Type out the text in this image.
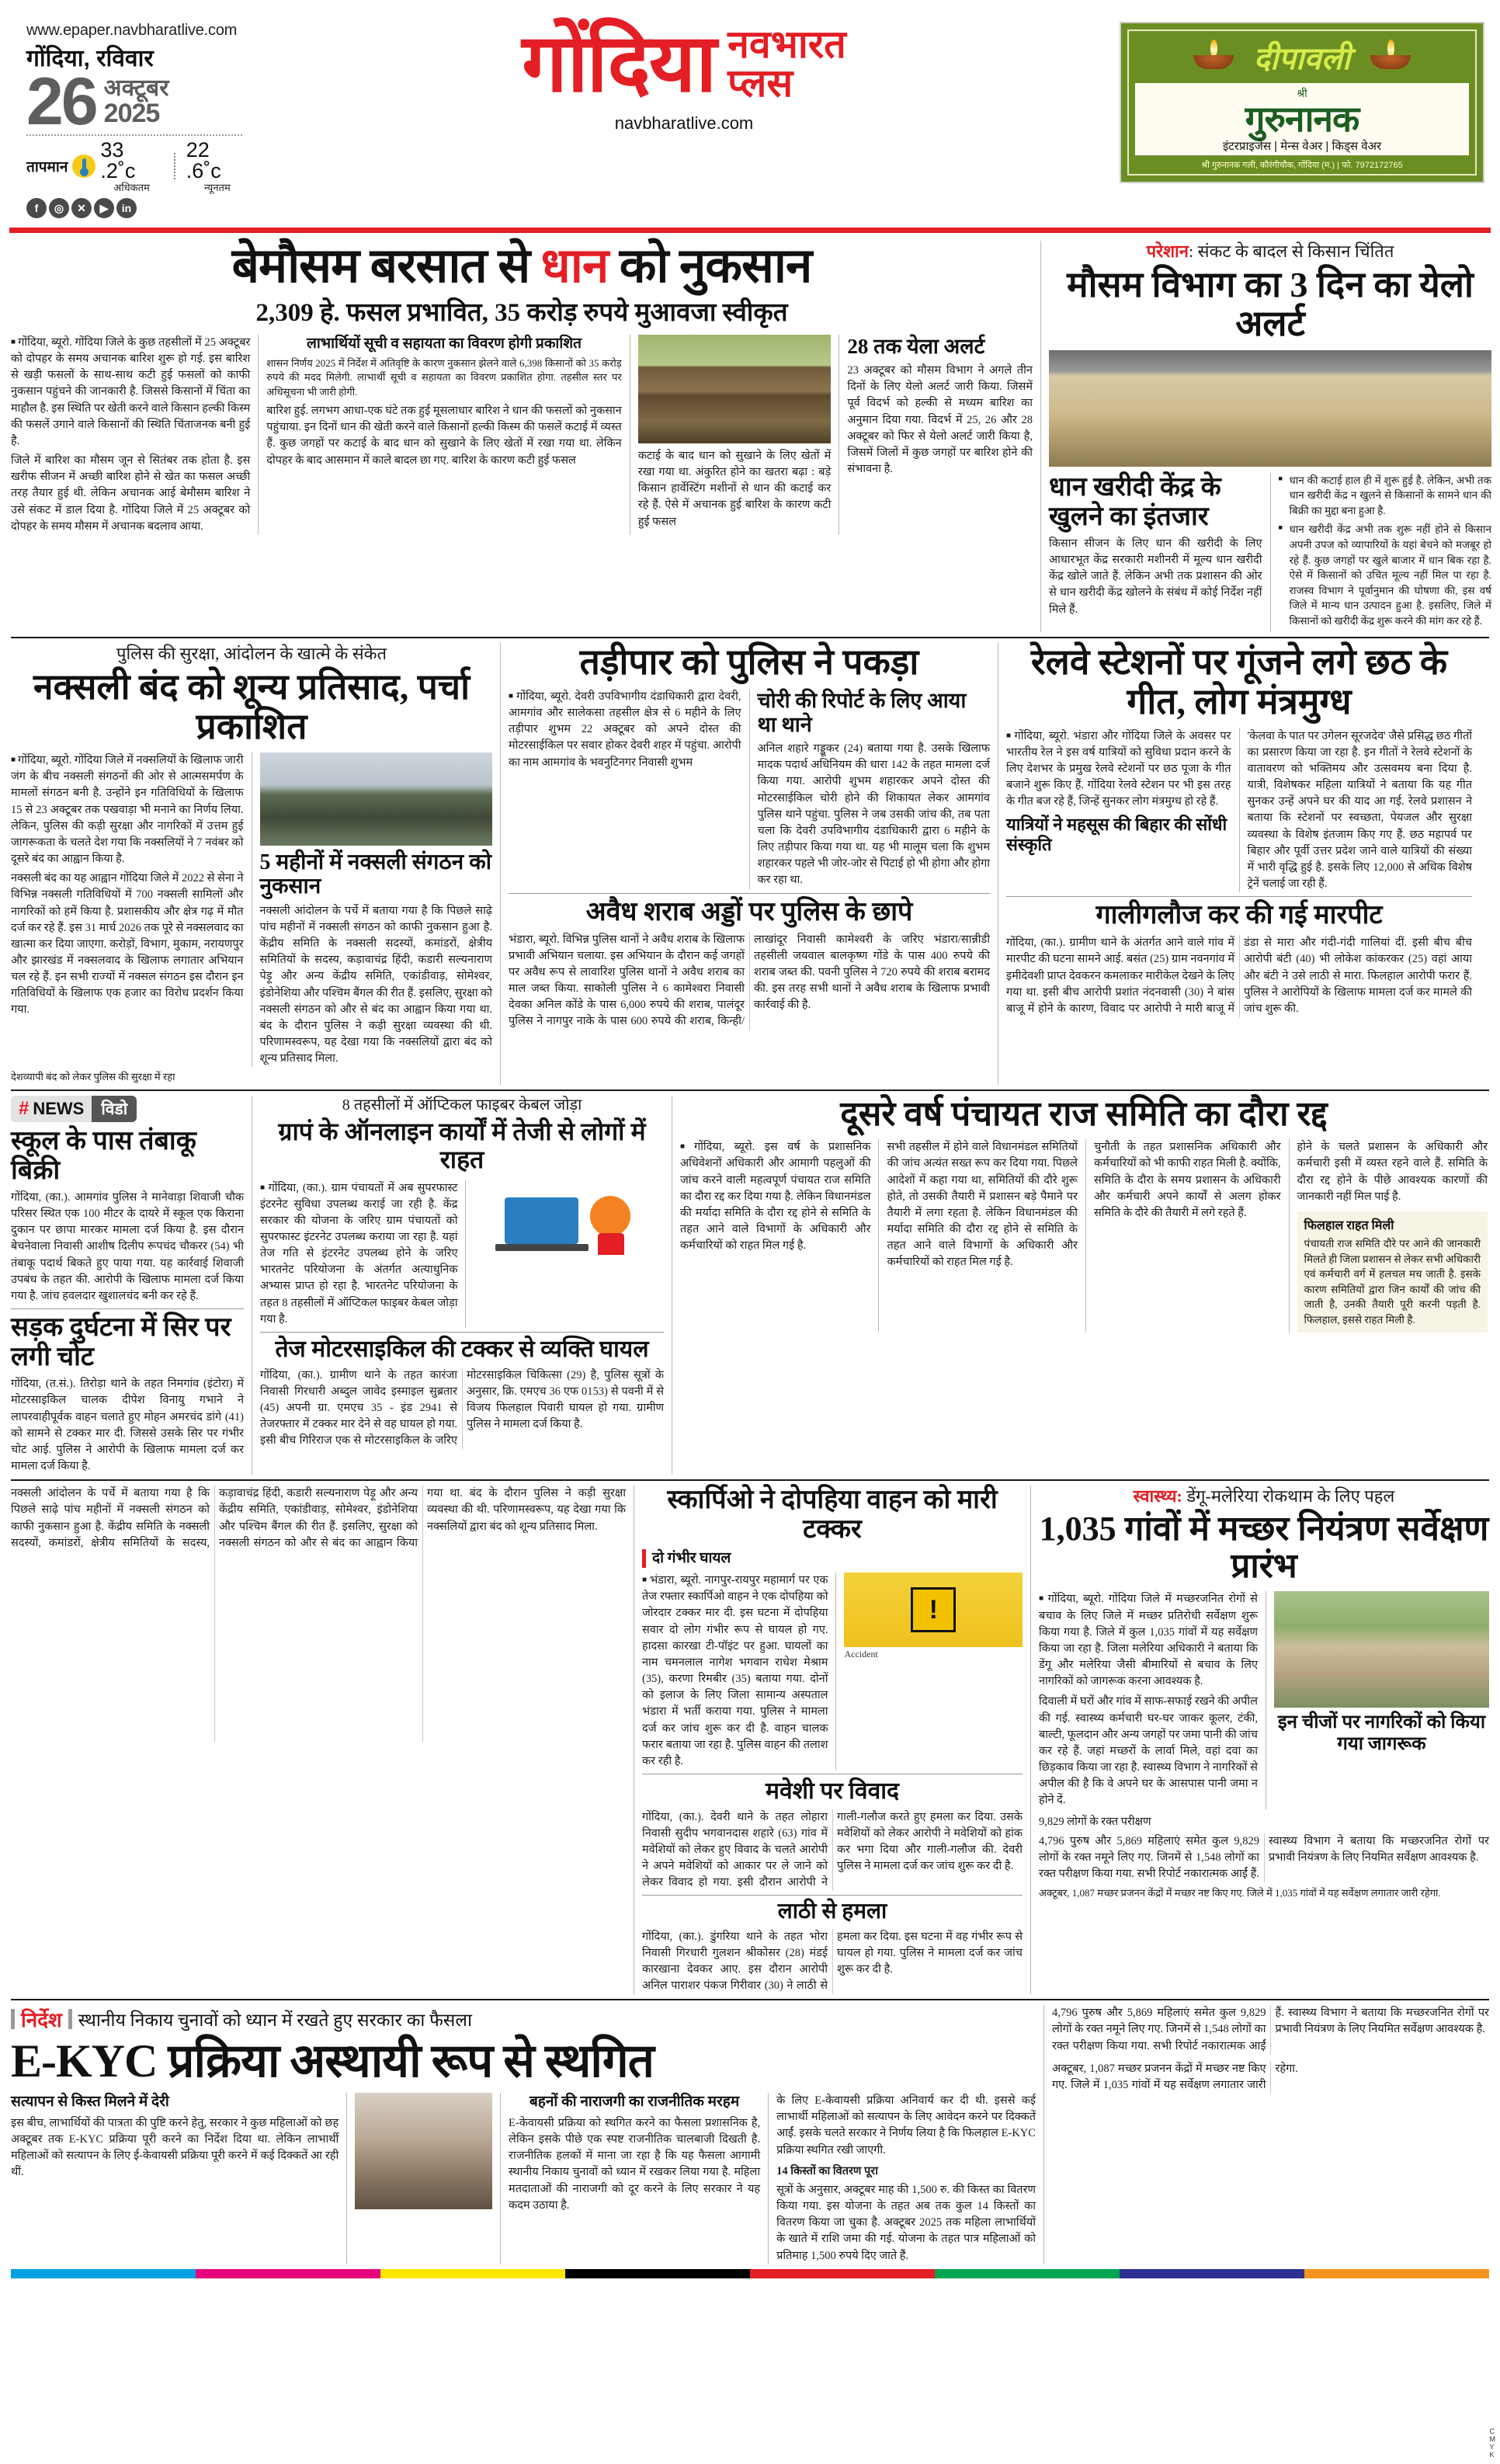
www.epaper.navbharatlive.com
गोंदिया, रविवार
26 अक्टूबर
2025
तापमान
33 .2˚c
अधिकतम
22 .6˚c
न्यूनतम
f	◎	✕	▶	in
गोंदिया नवभारत
प्लस
navbharatlive.com
दीपावली
श्री
गुरुनानक
इंटरप्राइजेस | मेन्स वेअर | किड्स वेअर
श्री गुरुनानक गली, कौरंगीचौक, गोंदिया (म.) | फो. 7972172765
बेमौसम बरसात से धान को नुकसान
2,309 हे. फसल प्रभावित, 35 करोड़ रुपये मुआवजा स्वीकृत
■ गोंदिया, ब्यूरो. गोंदिया जिले के कुछ तहसीलों में 25 अक्टूबर को दोपहर के समय अचानक बारिश शुरू हो गई. इस बारिश से खड़ी फसलों के साथ-साथ कटी हुई फसलों को काफी नुकसान पहुंचने की जानकारी है. जिससे किसानों में चिंता का माहौल है. इस स्थिति पर खेती करने वाले किसान हल्की किस्म की फसलें उगाने वाले किसानों की स्थिति चिंताजनक बनी हुई है.
जिले में बारिश का मौसम जून से सितंबर तक होता है. इस खरीफ सीजन में अच्छी बारिश होने से खेत का फसल अच्छी तरह तैयार हुई थी. लेकिन अचानक आई बेमौसम बारिश ने उसे संकट में डाल दिया है. गोंदिया जिले में 25 अक्टूबर को दोपहर के समय मौसम में अचानक बदलाव आया.
लाभार्थियों सूची व सहायता का विवरण होगी प्रकाशित
शासन निर्णय 2025 में निर्देश में अतिवृष्टि के कारण नुकसान झेलने वाले 6,398 किसानों को 35 करोड़ रुपये की मदद मिलेगी. लाभार्थी सूची व सहायता का विवरण प्रकाशित होगा. तहसील स्तर पर अधिसूचना भी जारी होगी.
बारिश हुई. लगभग आधा-एक घंटे तक हुई मूसलाधार बारिश ने धान की फसलों को नुकसान पहुंचाया. इन दिनों धान की खेती करने वाले किसानों हल्की किस्म की फसलें कटाई में व्यस्त हैं. कुछ जगहों पर कटाई के बाद धान को सुखाने के लिए खेतों में रखा गया था. लेकिन दोपहर के बाद आसमान में काले बादल छा गए. बारिश के कारण कटी हुई फसल	कटाई के बाद धान को सुखाने के लिए खेतों में रखा गया था. अंकुरित होने का खतरा बढ़ा : बड़े किसान हार्वेस्टिंग मशीनों से धान की कटाई कर रहे हैं. ऐसे में अचानक हुई बारिश के कारण कटी हुई फसल
28 तक येला अलर्ट
23 अक्टूबर को मौसम विभाग ने अगले तीन दिनों के लिए येलो अलर्ट जारी किया. जिसमें पूर्व विदर्भ को हल्की से मध्यम बारिश का अनुमान दिया गया. विदर्भ में 25, 26 और 28 अक्टूबर को फिर से येलो अलर्ट जारी किया है, जिसमें जिलों में कुछ जगहों पर बारिश होने की संभावना है.
परेशान: संकट के बादल से किसान चिंतित
मौसम विभाग का 3 दिन का येलो अलर्ट
धान खरीदी केंद्र के खुलने का इंतजार
किसान सीजन के लिए धान की खरीदी के लिए आधारभूत केंद्र सरकारी मशीनरी में मूल्य धान खरीदी केंद्र खोले जाते हैं. लेकिन अभी तक प्रशासन की ओर से धान खरीदी केंद्र खोलने के संबंध में कोई निर्देश नहीं मिले हैं.
■ धान की कटाई हाल ही में शुरू हुई है. लेकिन, अभी तक धान खरीदी केंद्र न खुलने से किसानों के सामने धान की बिक्री का मुद्दा बना हुआ है.
■ धान खरीदी केंद्र अभी तक शुरू नहीं होने से किसान अपनी उपज को व्यापारियों के यहां बेचने को मजबूर हो रहे हैं. कुछ जगहों पर खुले बाजार में धान बिक रहा है. ऐसे में किसानों को उचित मूल्य नहीं मिल पा रहा है. राजस्व विभाग ने पूर्वानुमान की घोषणा की, इस वर्ष जिले में मान्य धान उत्पादन हुआ है. इसलिए, जिले में किसानों को खरीदी केंद्र शुरू करने की मांग कर रहे हैं.
पुलिस की सुरक्षा, आंदोलन के खात्मे के संकेत
नक्सली बंद को शून्य प्रतिसाद, पर्चा प्रकाशित
■ गोंदिया, ब्यूरो. गोंदिया जिले में नक्सलियों के खिलाफ जारी जंग के बीच नक्सली संगठनों की ओर से आत्मसमर्पण के मामलों संगठन बनी है. उन्होंने इन गतिविधियों के खिलाफ 15 से 23 अक्टूबर तक पखवाड़ा भी मनाने का निर्णय लिया. लेकिन, पुलिस की कड़ी सुरक्षा और नागरिकों में उत्तम हुई जागरूकता के चलते देश गया कि नक्सलियों ने 7 नवंबर को दूसरे बंद का आह्वान किया है.
नक्सली बंद का यह आह्वान गोंदिया जिले में 2022 से सेना ने विभिन्न नक्सली गतिविधियों में 700 नक्सली सामिलों और नागरिकों को हमें किया है. प्रशासकीय और क्षेत्र गढ़ में मौत दर्ज कर रहे हैं. इस 31 मार्च 2026 तक पूरे से नक्सलवाद का खात्मा कर दिया जाएगा. करोड़ों, विभाग, मुकाम, नरायणपुर और झारखंड में नक्सलवाद के खिलाफ लगातार अभियान चल रहे हैं. इन सभी राज्यों में नक्सल संगठन इस दौरान इन गतिविधियों के खिलाफ एक हजार का विरोध प्रदर्शन किया गया.
5 महीनों में नक्सली संगठन को नुकसान
नक्सली आंदोलन के पर्चे में बताया गया है कि पिछले साढ़े पांच महीनों में नक्सली संगठन को काफी नुकसान हुआ है. केंद्रीय समिति के नक्सली सदस्यों, कमांडरों, क्षेत्रीय समितियों के सदस्य, कड़ावाचंद्र हिंदी, कडारी सल्यनाराण पेड़ू और अन्य केंद्रीय समिति, एकांडीवाड़, सोमेश्वर, इंडोनेशिया और पश्चिम बैंगल की रीत हैं. इसलिए, सुरक्षा को नक्सली संगठन को और से बंद का आह्वान किया गया था. बंद के दौरान पुलिस ने कड़ी सुरक्षा व्यवस्था की थी. परिणामस्वरूप, यह देखा गया कि नक्सलियों द्वारा बंद को शून्य प्रतिसाद मिला.
देशव्यापी बंद को लेकर पुलिस की सुरक्षा में रहा
तड़ीपार को पुलिस ने पकड़ा
■ गोंदिया, ब्यूरो. देवरी उपविभागीय दंडाधिकारी द्वारा देवरी, आमगांव और सालेकसा तहसील क्षेत्र से 6 महीने के लिए तड़ीपार शुभम 22 अक्टूबर को अपने दोस्त की मोटरसाईकिल पर सवार होकर देवरी शहर में पहुंचा. आरोपी का नाम आमगांव के भवनुटिनगर निवासी शुभम
चोरी की रिपोर्ट के लिए आया था थाने
अनिल शहारे गड्डूकर (24) बताया गया है. उसके खिलाफ मादक पदार्थ अधिनियम की धारा 142 के तहत मामला दर्ज किया गया. आरोपी शुभम शहारकर अपने दोस्त की मोटरसाईकिल चोरी होने की शिकायत लेकर आमगांव पुलिस थाने पहुंचा. पुलिस ने जब उसकी जांच की, तब पता चला कि देवरी उपविभागीय दंडाधिकारी द्वारा 6 महीने के लिए तड़ीपार किया गया था. यह भी मालूम चला कि शुभम शहारकर पहले भी जोर-जोर से पिटाई हो भी होगा और होगा कर रहा था.
अवैध शराब अड्डों पर पुलिस के छापे
भंडारा, ब्यूरो. विभिन्न पुलिस थानों ने अवैध शराब के खिलाफ प्रभावी अभियान चलाया. इस अभियान के दौरान कई जगहों पर अवैध रूप से लावारिश पुलिस थानों ने अवैध शराब का माल जब्त किया. साकोली पुलिस ने 6 कामेश्वरा निवासी देवका अनिल कोंडे के पास 6,000 रुपये की शराब, पालंदूर पुलिस ने नागपुर नाके के पास 600 रुपये की शराब, किन्ही/लाखांदूर निवासी कामेश्वरी के जरिए भंडारा/सान्नीडी तहसीली जयवाल बालकृष्ण गोंडे के पास 400 रुपये की शराब जब्त की. पवनी पुलिस ने 720 रुपये की शराब बरामद की. इस तरह सभी थानों ने अवैध शराब के खिलाफ प्रभावी कार्रवाई की है.
रेलवे स्टेशनों पर गूंजने लगे छठ के गीत, लोग मंत्रमुग्ध
■ गोंदिया, ब्यूरो. भंडारा और गोंदिया जिले के अवसर पर भारतीय रेल ने इस वर्ष यात्रियों को सुविधा प्रदान करने के लिए देशभर के प्रमुख रेलवे स्टेशनों पर छठ पूजा के गीत बजाने शुरू किए हैं. गोंदिया रेलवे स्टेशन पर भी इस तरह के गीत बज रहे हैं, जिन्हें सुनकर लोग मंत्रमुग्ध हो रहे हैं.
यात्रियों ने महसूस की बिहार की सोंधी संस्कृति
'केलवा के पात पर उगेलन सूरजदेव' जैसे प्रसिद्ध छठ गीतों का प्रसारण किया जा रहा है. इन गीतों ने रेलवे स्टेशनों के वातावरण को भक्तिमय और उत्सवमय बना दिया है. यात्री, विशेषकर महिला यात्रियों ने बताया कि यह गीत सुनकर उन्हें अपने घर की याद आ गई. रेलवे प्रशासन ने बताया कि स्टेशनों पर स्वच्छता, पेयजल और सुरक्षा व्यवस्था के विशेष इंतजाम किए गए हैं. छठ महापर्व पर बिहार और पूर्वी उत्तर प्रदेश जाने वाले यात्रियों की संख्या में भारी वृद्धि हुई है. इसके लिए 12,000 से अधिक विशेष ट्रेनें चलाई जा रही हैं.
गालीगलौज कर की गई मारपीट
गोंदिया, (का.). ग्रामीण थाने के अंतर्गत आने वाले गांव में मारपीट की घटना सामने आई. बसंत (25) ग्राम नवनगांव में इमीदेवशी प्राप्त देवकरन कमलाकर मारीकेल देखने के लिए गया था. इसी बीच आरोपी प्रशांत नंदनवासी (30) ने बांस बाजू में होने के कारण, विवाद पर आरोपी ने मारी बाजू में डंडा से मारा और गंदी-गंदी गालियां दीं. इसी बीच बीच आरोपी बंटी (40) भी लोकेश कांकरकर (25) वहां आया और बंटी ने उसे लाठी से मारा. फिलहाल आरोपी फरार हैं. पुलिस ने आरोपियों के खिलाफ मामला दर्ज कर मामले की जांच शुरू की.
# NEWS	विडो
स्कूल के पास तंबाकू बिक्री
गोंदिया, (का.). आमगांव पुलिस ने मानेवाड़ा शिवाजी चौक परिसर स्थित एक 100 मीटर के दायरे में स्कूल एक किराना दुकान पर छापा मारकर मामला दर्ज किया है. इस दौरान बेचनेवाला निवासी आशीष दिलीप रूपचंद चौकरर (54) भी तंबाकू पदार्थ बिकते हुए पाया गया. यह कार्रवाई शिवाजी उपबंध के तहत की. आरोपी के खिलाफ मामला दर्ज किया गया है. जांच हवलदार खुशालचंद बनी कर रहे हैं.
सड़क दुर्घटना में सिर पर लगी चोट
गोंदिया, (त.सं.). तिरोड़ा थाने के तहत निमगांव (इंटोरा) में मोटरसाइकिल चालक दीपेश विनायु गभाने ने लापरवाहीपूर्वक वाहन चलाते हुए मोहन अमरचंद डांगे (41) को सामने से टक्कर मार दी. जिससे उसके सिर पर गंभीर चोट आई. पुलिस ने आरोपी के खिलाफ मामला दर्ज कर मामला दर्ज किया है.
8 तहसीलों में ऑप्टिकल फाइबर केबल जोड़ा
ग्रापं के ऑनलाइन कार्यों में तेजी से लोगों में राहत
■ गोंदिया, (का.). ग्राम पंचायतों में अब सुपरफास्ट इंटरनेट सुविधा उपलब्ध कराई जा रही है. केंद्र सरकार की योजना के जरिए ग्राम पंचायतों को सुपरफास्ट इंटरनेट उपलब्ध कराया जा रहा है. यहां तेज गति से इंटरनेट उपलब्ध होने के जरिए भारतनेट परियोजना के अंतर्गत अत्याधुनिक अभ्यास प्राप्त हो रहा है. भारतनेट परियोजना के तहत 8 तहसीलों में ऑप्टिकल फाइबर केबल जोड़ा गया है.
तेज मोटरसाइकिल की टक्कर से व्यक्ति घायल
गोंदिया, (का.). ग्रामीण थाने के तहत कारंजा निवासी गिरधारी अब्दुल जावेद इस्माइल सुब्रतार (45) अपनी ग्रा. एमएच 35 - इंड 2941 से तेजरफ्तार में टक्कर मार देने से वह घायल हो गया. इसी बीच गिरिराज एक से मोटरसाइकिल के जरिए मोटरसाइकिल चिकित्सा (29) है, पुलिस सूत्रों के अनुसार, क्रि. एमएच 36 एफ 0153) से पवनी में से विजय फिलहाल पिवारी घायल हो गया. ग्रामीण पुलिस ने मामला दर्ज किया है.
दूसरे वर्ष पंचायत राज समिति का दौरा रद्द
■ गोंदिया, ब्यूरो. इस वर्ष के प्रशासनिक अधिवेशनों अधिकारी और आमागी पहलुओं की जांच करने वाली महत्वपूर्ण पंचायत राज समिति का दौरा रद्द कर दिया गया है. लेकिन विधानमंडल की मर्यादा समिति के दौरा रद्द होने से समिति के तहत आने वाले विभागों के अधिकारी और कर्मचारियों को राहत मिल गई है.
सभी तहसील में होने वाले विधानमंडल समितियों की जांच अत्यंत सख्त रूप कर दिया गया. पिछले आदेशों में कहा गया था, समितियों की दौरे शुरू होते, तो उसकी तैयारी में प्रशासन बड़े पैमाने पर तैयारी में लगा रहता है. लेकिन विधानमंडल की मर्यादा समिति की दौरा रद्द होने से समिति के तहत आने वाले विभागों के अधिकारी और कर्मचारियों को राहत मिल गई है.
चुनौती के तहत प्रशासनिक अधिकारी और कर्मचारियों को भी काफी राहत मिली है. क्योंकि, समिति के दौरा के समय प्रशासन के अधिकारी और कर्मचारी अपने कार्यों से अलग होकर समिति के दौरे की तैयारी में लगे रहते हैं.
होने के चलते प्रशासन के अधिकारी और कर्मचारी इसी में व्यस्त रहने वाले हैं. समिति के दौरा रद्द होने के पीछे आवश्यक कारणों की जानकारी नहीं मिल पाई है.
फिलहाल राहत मिली
पंचायती राज समिति दौरे पर आने की जानकारी मिलते ही जिला प्रशासन से लेकर सभी अधिकारी एवं कर्मचारी वर्ग में हलचल मच जाती है. इसके कारण समितियों द्वारा जिन कार्यों की जांच की जाती है, उनकी तैयारी पूरी करनी पड़ती है. फिलहाल, इससे राहत मिली है.
नक्सली आंदोलन के पर्चे में बताया गया है कि पिछले साढ़े पांच महीनों में नक्सली संगठन को काफी नुकसान हुआ है. केंद्रीय समिति के नक्सली सदस्यों, कमांडरों, क्षेत्रीय समितियों के सदस्य, कड़ावाचंद्र हिंदी, कडारी सल्यनाराण पेड़ू और अन्य केंद्रीय समिति, एकांडीवाड़, सोमेश्वर, इंडोनेशिया और पश्चिम बैंगल की रीत हैं. इसलिए, सुरक्षा को नक्सली संगठन को और से बंद का आह्वान किया गया था. बंद के दौरान पुलिस ने कड़ी सुरक्षा व्यवस्था की थी. परिणामस्वरूप, यह देखा गया कि नक्सलियों द्वारा बंद को शून्य प्रतिसाद मिला.
स्कार्पिओ ने दोपहिया वाहन को मारी टक्कर
दो गंभीर घायल
■ भंडारा, ब्यूरो. नागपुर-रायपुर महामार्ग पर एक तेज रफ्तार स्कार्पिओ वाहन ने एक दोपहिया को जोरदार टक्कर मार दी. इस घटना में दोपहिया सवार दो लोग गंभीर रूप से घायल हो गए. हादसा कारखा टी-पॉइंट पर हुआ. घायलों का नाम चमनलाल नागेश भगवान राधेश मेश्राम (35), करणा रिमबीर (35) बताया गया. दोनों को इलाज के लिए जिला सामान्य अस्पताल भंडारा में भर्ती कराया गया. पुलिस ने मामला दर्ज कर जांच शुरू कर दी है. वाहन चालक फरार बताया जा रहा है. पुलिस वाहन की तलाश कर रही है.
!
Accident
मवेशी पर विवाद
गोंदिया, (का.). देवरी थाने के तहत लोहारा निवासी सुदीप भगवानदास शहारे (63) गांव में मवेशियों को लेकर हुए विवाद के चलते आरोपी ने अपने मवेशियों को आकार पर ले जाने को लेकर विवाद हो गया. इसी दौरान आरोपी ने गाली-गलौज करते हुए हमला कर दिया. उसके मवेशियों को लेकर आरोपी ने मवेशियों को हांक कर भगा दिया और गाली-गलौज की. देवरी पुलिस ने मामला दर्ज कर जांच शुरू कर दी है.
लाठी से हमला
गोंदिया, (का.). डुंगरिया थाने के तहत भोरा निवासी गिरधारी गुलशन श्रीकोसर (28) मंडई कारखाना देवकर आए. इस दौरान आरोपी अनिल पाराशर पंकज गिरीवार (30) ने लाठी से हमला कर दिया. इस घटना में वह गंभीर रूप से घायल हो गया. पुलिस ने मामला दर्ज कर जांच शुरू कर दी है.
स्वास्थ्य: डेंगू-मलेरिया रोकथाम के लिए पहल
1,035 गांवों में मच्छर नियंत्रण सर्वेक्षण प्रारंभ
■ गोंदिया, ब्यूरो. गोंदिया जिले में मच्छरजनित रोगों से बचाव के लिए जिले में मच्छर प्रतिरोधी सर्वेक्षण शुरू किया गया है. जिले में कुल 1,035 गांवों में यह सर्वेक्षण किया जा रहा है. जिला मलेरिया अधिकारी ने बताया कि डेंगू और मलेरिया जैसी बीमारियों से बचाव के लिए नागरिकों को जागरूक करना आवश्यक है.
दिवाली में घरों और गांव में साफ-सफाई रखने की अपील की गई. स्वास्थ्य कर्मचारी घर-घर जाकर कूलर, टंकी, बाल्टी, फूलदान और अन्य जगहों पर जमा पानी की जांच कर रहे हैं. जहां मच्छरों के लार्वा मिले, वहां दवा का छिड़काव किया जा रहा है. स्वास्थ्य विभाग ने नागरिकों से अपील की है कि वे अपने घर के आसपास पानी जमा न होने दें.
इन चीजों पर नागरिकों को किया गया जागरूक
9,829 लोगों के रक्त परीक्षण
4,796 पुरुष और 5,869 महिलाएं समेत कुल 9,829 लोगों के रक्त नमूने लिए गए. जिनमें से 1,548 लोगों का रक्त परीक्षण किया गया. सभी रिपोर्ट नकारात्मक आईं हैं. स्वास्थ्य विभाग ने बताया कि मच्छरजनित रोगों पर प्रभावी नियंत्रण के लिए नियमित सर्वेक्षण आवश्यक है.
अक्टूबर, 1,087 मच्छर प्रजनन केंद्रों में मच्छर नष्ट किए गए. जिले में 1,035 गांवों में यह सर्वेक्षण लगातार जारी रहेगा.
निर्देश स्थानीय निकाय चुनावों को ध्यान में रखते हुए सरकार का फैसला
E-KYC प्रक्रिया अस्थायी रूप से स्थगित
सत्यापन से किस्त मिलने में देरी
इस बीच, लाभार्थियों की पात्रता की पुष्टि करने हेतु, सरकार ने कुछ महिलाओं को छह अक्टूबर तक E-KYC प्रक्रिया पूरी करने का निर्देश दिया था. लेकिन लाभार्थी महिलाओं को सत्यापन के लिए ई-केवायसी प्रक्रिया पूरी करने में कई दिक्कतें आ रही थीं.
बहनों की नाराजगी का राजनीतिक मरहम
E-केवायसी प्रक्रिया को स्थगित करने का फैसला प्रशासनिक है, लेकिन इसके पीछे एक स्पष्ट राजनीतिक चालबाजी दिखती है. राजनीतिक हलकों में माना जा रहा है कि यह फैसला आगामी स्थानीय निकाय चुनावों को ध्यान में रखकर लिया गया है. महिला मतदाताओं की नाराजगी को दूर करने के लिए सरकार ने यह कदम उठाया है.
के लिए E-केवायसी प्रक्रिया अनिवार्य कर दी थी. इससे कई लाभार्थी महिलाओं को सत्यापन के लिए आवेदन करने पर दिक्कतें आईं. इसके चलते सरकार ने निर्णय लिया है कि फिलहाल E-KYC प्रक्रिया स्थगित रखी जाएगी.
14 किस्तों का वितरण पूरा
सूत्रों के अनुसार, अक्टूबर माह की 1,500 रु. की किस्त का वितरण किया गया. इस योजना के तहत अब तक कुल 14 किस्तों का वितरण किया जा चुका है. अक्टूबर 2025 तक महिला लाभार्थियों के खाते में राशि जमा की गई. योजना के तहत पात्र महिलाओं को प्रतिमाह 1,500 रुपये दिए जाते हैं.
4,796 पुरुष और 5,869 महिलाएं समेत कुल 9,829 लोगों के रक्त नमूने लिए गए. जिनमें से 1,548 लोगों का रक्त परीक्षण किया गया. सभी रिपोर्ट नकारात्मक आईं हैं. स्वास्थ्य विभाग ने बताया कि मच्छरजनित रोगों पर प्रभावी नियंत्रण के लिए नियमित सर्वेक्षण आवश्यक है.
अक्टूबर, 1,087 मच्छर प्रजनन केंद्रों में मच्छर नष्ट किए गए. जिले में 1,035 गांवों में यह सर्वेक्षण लगातार जारी रहेगा.
C
M
Y
K
